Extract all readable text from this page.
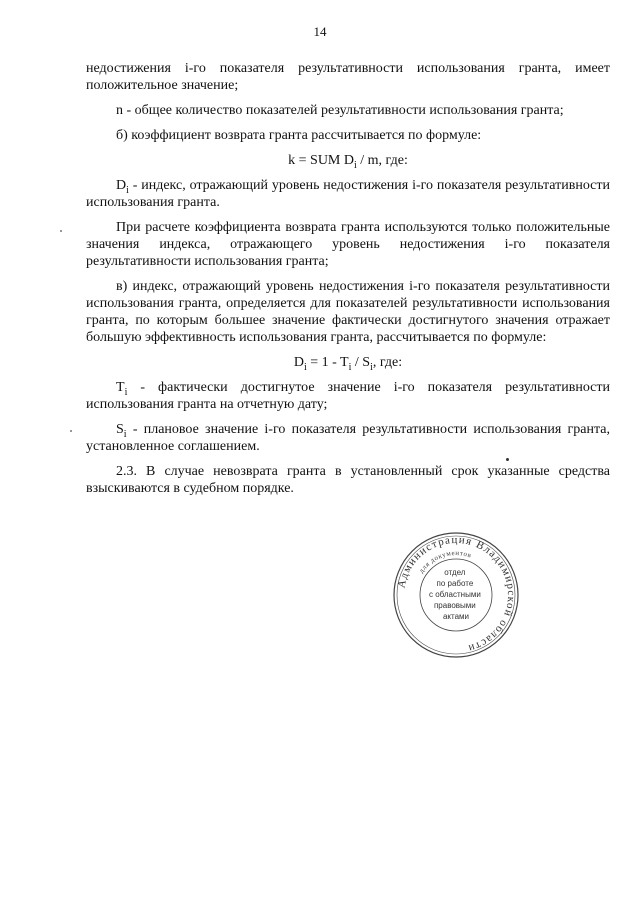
14

недостижения i-го показателя результативности использования гранта, имеет положительное значение;

n - общее количество показателей результативности использования гранта;

б) коэффициент возврата гранта рассчитывается по формуле:

k = SUM $D_i$ / m, где:

$D_i$ - индекс, отражающий уровень недостижения i-го показателя результативности использования гранта.

При расчете коэффициента возврата гранта используются только положительные значения индекса, отражающего уровень недостижения i-го показателя результативности использования гранта;

в) индекс, отражающий уровень недостижения i-го показателя результативности использования гранта, определяется для показателей результативности использования гранта, по которым большее значение фактически достигнутого значения отражает большую эффективность использования гранта, рассчитывается по формуле:

$D_i = 1 - T_i / S_i$, где:

$T_i$ - фактически достигнутое значение i-го показателя результативности использования гранта на отчетную дату;

$S_i$ - плановое значение i-го показателя результативности использования гранта, установленное соглашением.

2.3. В случае невозврата гранта в установленный срок указанные средства взыскиваются в судебном порядке.

Администрация Владимирской области
для документов
отдел по работе с областными правовыми актами
